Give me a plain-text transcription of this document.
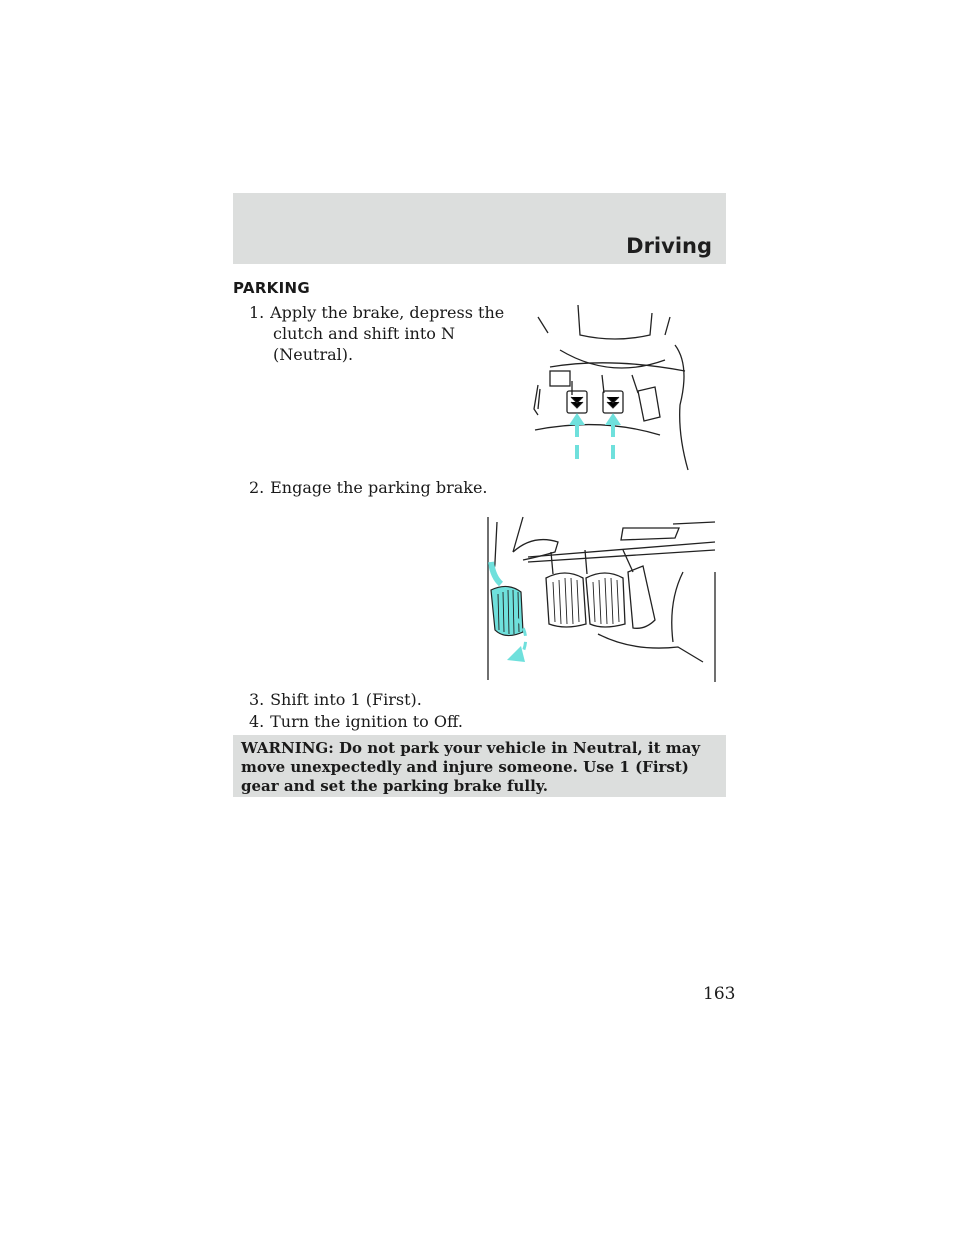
Driving
PARKING
1. Apply the brake, depress the
clutch and shift into N
(Neutral).
2. Engage the parking brake.
3. Shift into 1 (First).
4. Turn the ignition to Off.

WARNING: Do not park your vehicle in Neutral, it may move unexpectedly and injure someone. Use 1 (First) gear and set the parking brake fully.

163
